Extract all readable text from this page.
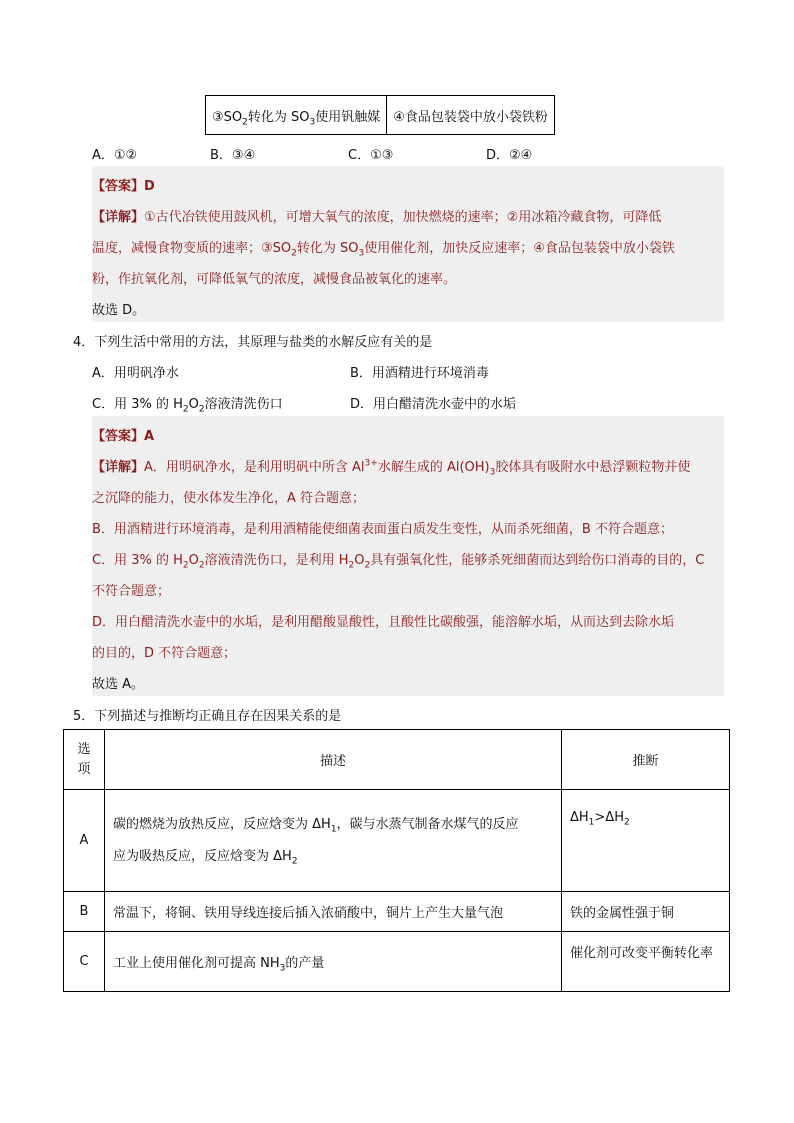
$③SO_2$转化为 $SO_3$使用钒触媒	④食品包装袋中放小袋铁粉
A．①②	B．③④	C．①③	D．②④
【答案】D
【详解】①古代冶铁使用鼓风机，可增大氧气的浓度，加快燃烧的速率；②用冰箱冷藏食物，可降低
温度，减慢食物变质的速率；$③SO_2$转化为 $SO_3$使用催化剂，加快反应速率；④食品包装袋中放小袋铁
粉，作抗氧化剂，可降低氧气的浓度，减慢食品被氧化的速率。
故选 D。
4．下列生活中常用的方法，其原理与盐类的水解反应有关的是
A．用明矾净水	B．用酒精进行环境消毒
C．用 3% 的 $H_2O_2$溶液清洗伤口	D．用白醋清洗水壶中的水垢
【答案】A
【详解】A．用明矾净水，是利用明矾中所含 $Al^{3+}$水解生成的 $Al(OH)_3$胶体具有吸附水中悬浮颗粒物并使
之沉降的能力，使水体发生净化，A 符合题意；
B．用酒精进行环境消毒，是利用酒精能使细菌表面蛋白质发生变性，从而杀死细菌，B 不符合题意；
C．用 3% 的 $H_2O_2$溶液清洗伤口，是利用 $H_2O_2$具有强氧化性，能够杀死细菌而达到给伤口消毒的目的，C
不符合题意；
D．用白醋清洗水壶中的水垢，是利用醋酸显酸性，且酸性比碳酸强，能溶解水垢，从而达到去除水垢
的目的，D 不符合题意；
故选 A。
5．下列描述与推断均正确且存在因果关系的是
选项	描述	推断
A	碳的燃烧为放热反应，反应焓变为 $\Delta H_1$，碳与水蒸气制备水煤气的反应
应为吸热反应，反应焓变为 $\Delta H_2$	$\Delta H_1>\Delta H_2$
B	常温下，将铜、铁用导线连接后插入浓硝酸中，铜片上产生大量气泡	铁的金属性强于铜
C	工业上使用催化剂可提高 $NH_3$的产量	催化剂可改变平衡转化率
